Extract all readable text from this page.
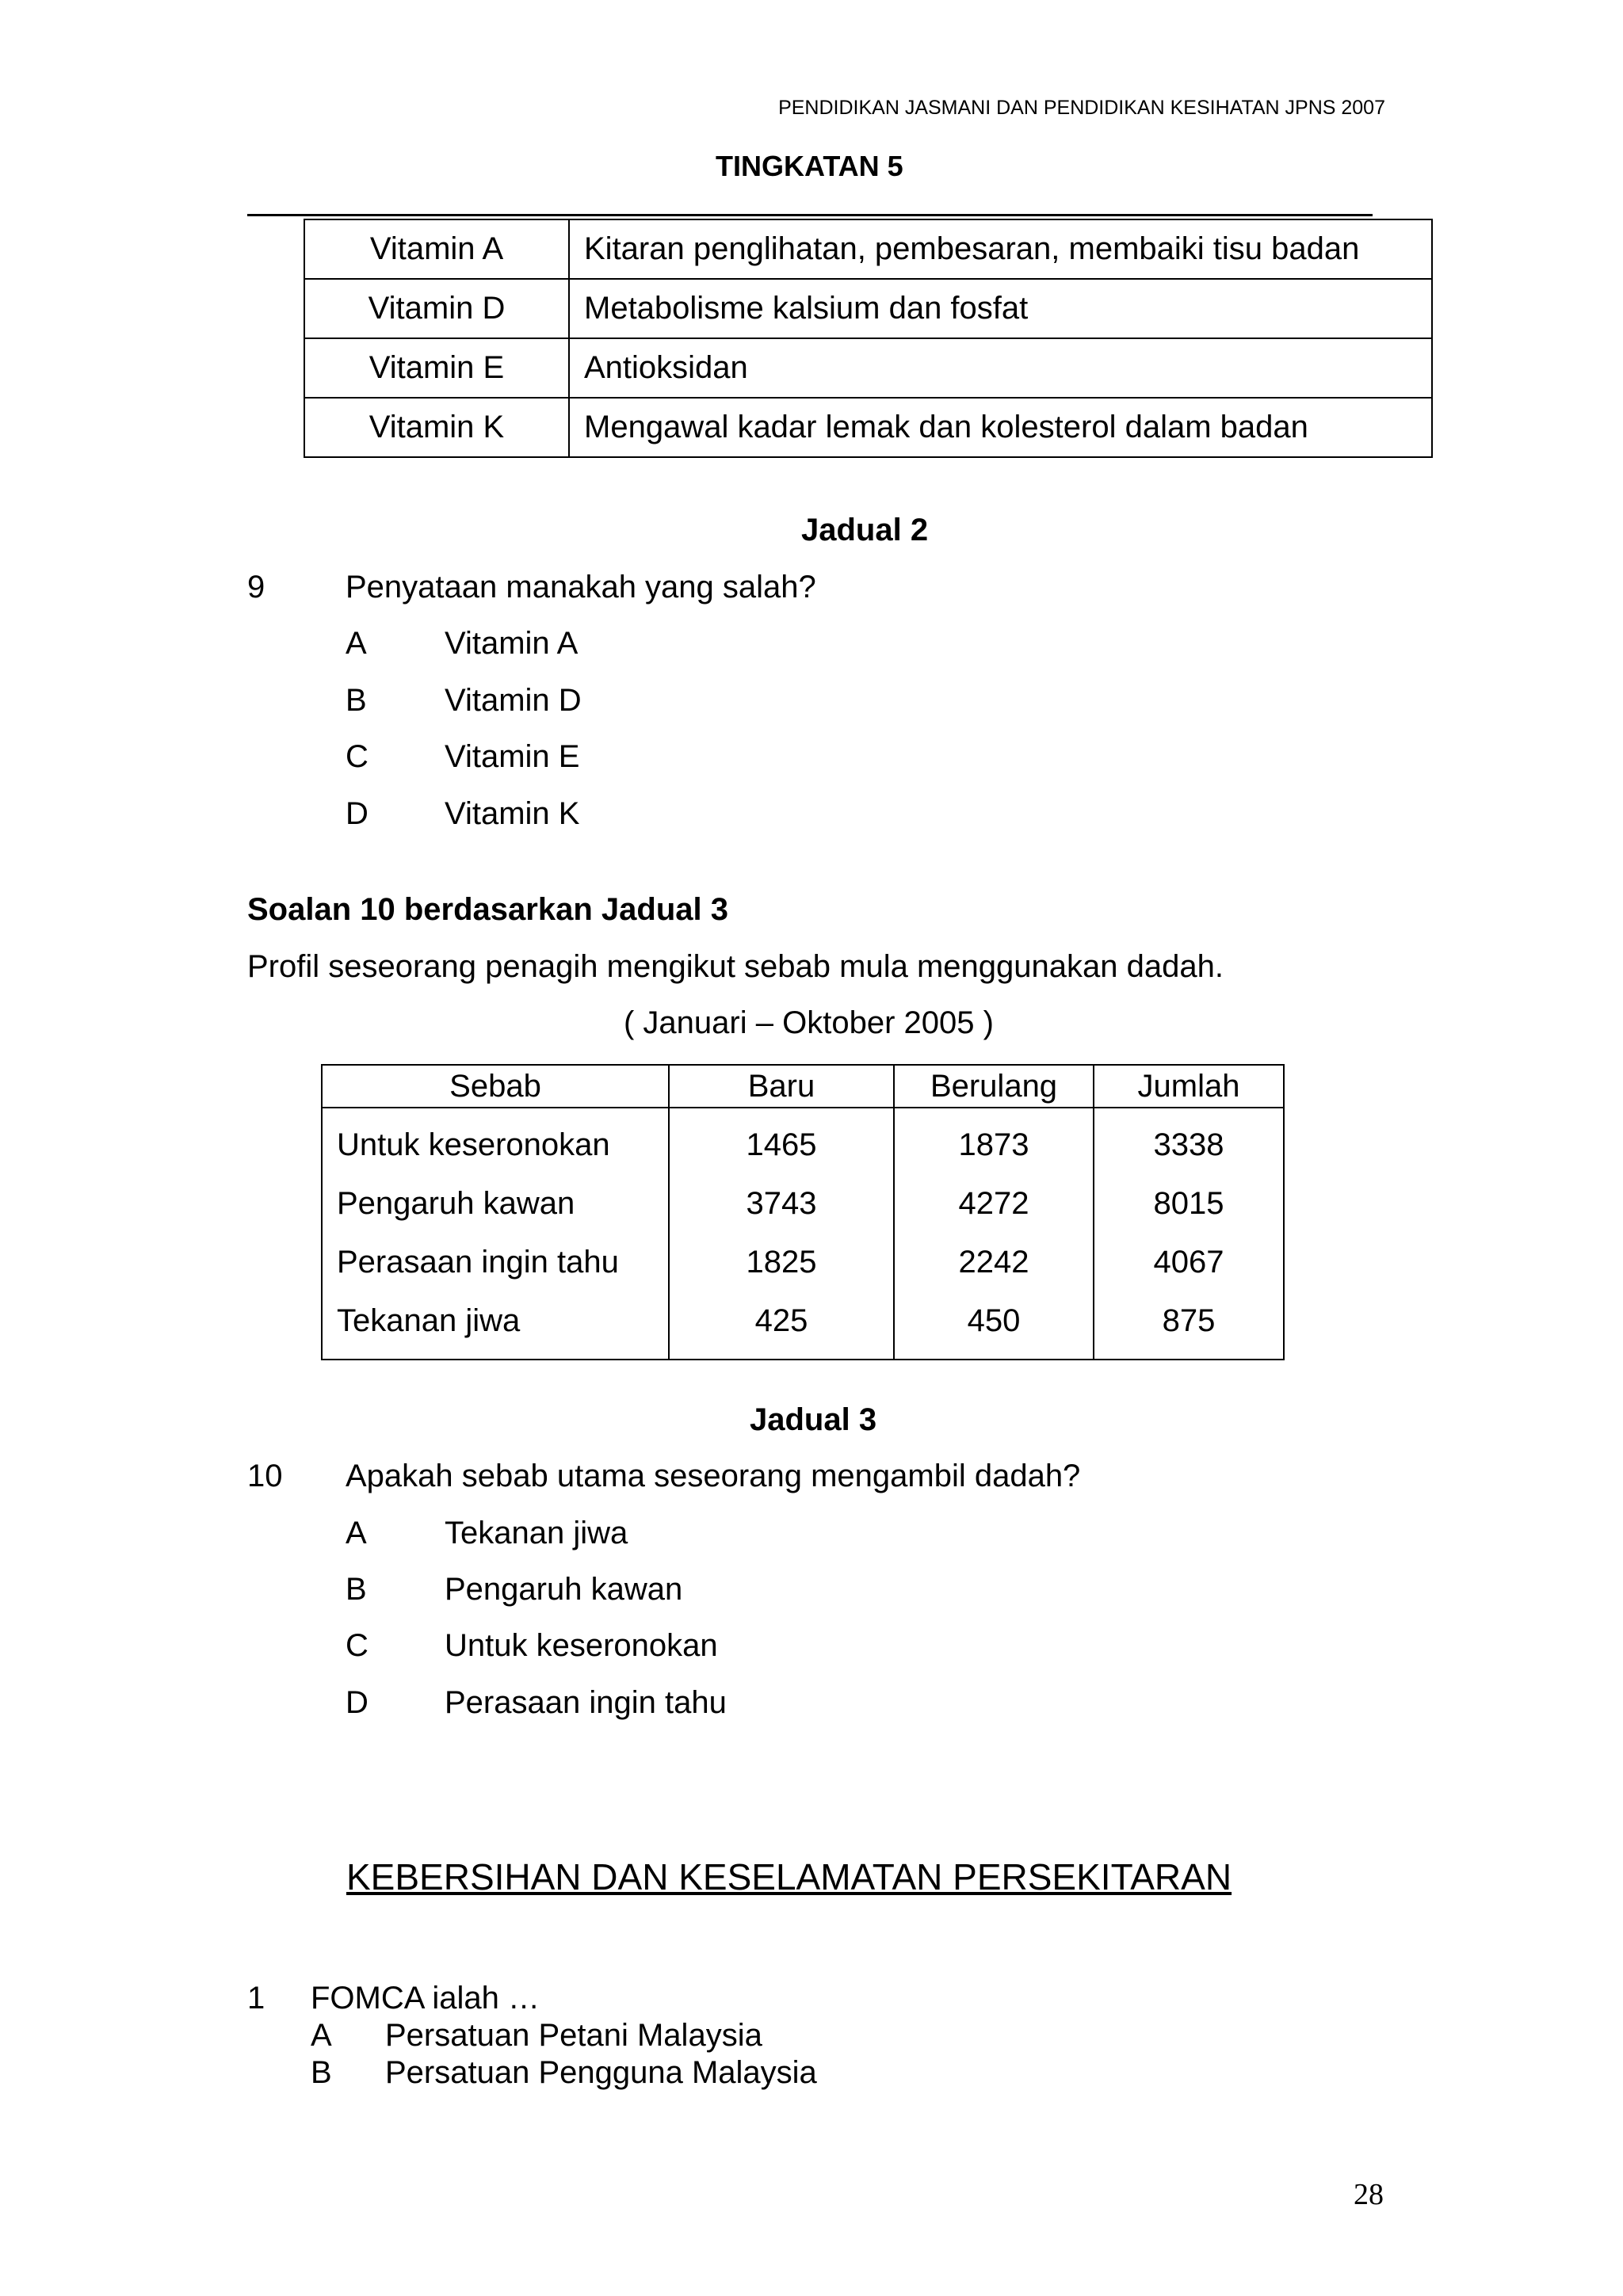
PENDIDIKAN JASMANI DAN PENDIDIKAN KESIHATAN JPNS 2007
TINGKATAN 5
Vitamin A	Kitaran penglihatan, pembesaran, membaiki tisu badan
Vitamin D	Metabolisme kalsium dan fosfat
Vitamin E	Antioksidan
Vitamin K	Mengawal kadar lemak dan kolesterol dalam badan
Jadual 2
9	Penyataan manakah yang salah?
A Vitamin A
B Vitamin D
C Vitamin E
D Vitamin K
Soalan 10 berdasarkan Jadual 3
Profil seseorang penagih mengikut sebab mula menggunakan dadah.
( Januari – Oktober 2005 )
Sebab	Baru	Berulang	Jumlah
Untuk keseronokan	1465	1873	3338
Pengaruh kawan	3743	4272	8015
Perasaan ingin tahu	1825	2242	4067
Tekanan jiwa	425	450	875
Jadual 3
10 Apakah sebab utama seseorang mengambil dadah?
A Tekanan jiwa
B Pengaruh kawan
C Untuk keseronokan
D Perasaan ingin tahu
KEBERSIHAN DAN KESELAMATAN PERSEKITARAN
1 FOMCA ialah …
A Persatuan Petani Malaysia
B Persatuan Pengguna Malaysia
28
